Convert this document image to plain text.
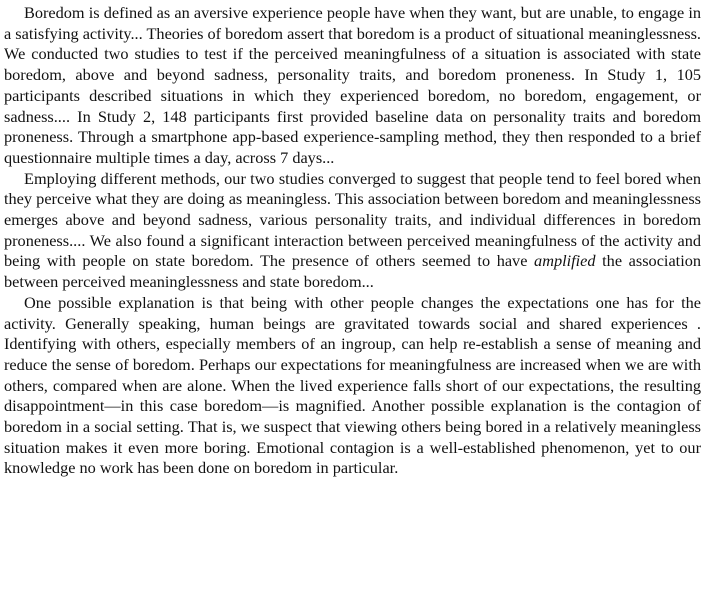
Boredom is defined as an aversive experience people have when they want, but are unable, to engage in a satisfying activity... Theories of boredom assert that boredom is a product of situational meaninglessness. We conducted two studies to test if the perceived meaningfulness of a situation is associated with state boredom, above and beyond sadness, personality traits, and boredom proneness. In Study 1, 105 participants described situations in which they experienced boredom, no boredom, engagement, or sadness.... In Study 2, 148 participants first provided baseline data on personality traits and boredom proneness. Through a smartphone app-based experience-sampling method, they then responded to a brief questionnaire multiple times a day, across 7 days...

Employing different methods, our two studies converged to suggest that people tend to feel bored when they perceive what they are doing as meaningless. This association between boredom and meaninglessness emerges above and beyond sadness, various personality traits, and individual differences in boredom proneness.... We also found a significant interaction between perceived meaningfulness of the activity and being with people on state boredom. The presence of others seemed to have amplified the association between perceived meaninglessness and state boredom...

One possible explanation is that being with other people changes the expectations one has for the activity. Generally speaking, human beings are gravitated towards social and shared experiences . Identifying with others, especially members of an ingroup, can help re-establish a sense of meaning and reduce the sense of boredom. Perhaps our expectations for meaningfulness are increased when we are with others, compared when are alone. When the lived experience falls short of our expectations, the resulting disappointment—in this case boredom—is magnified. Another possible explanation is the contagion of boredom in a social setting. That is, we suspect that viewing others being bored in a relatively meaningless situation makes it even more boring. Emotional contagion is a well-established phenomenon, yet to our knowledge no work has been done on boredom in particular.
